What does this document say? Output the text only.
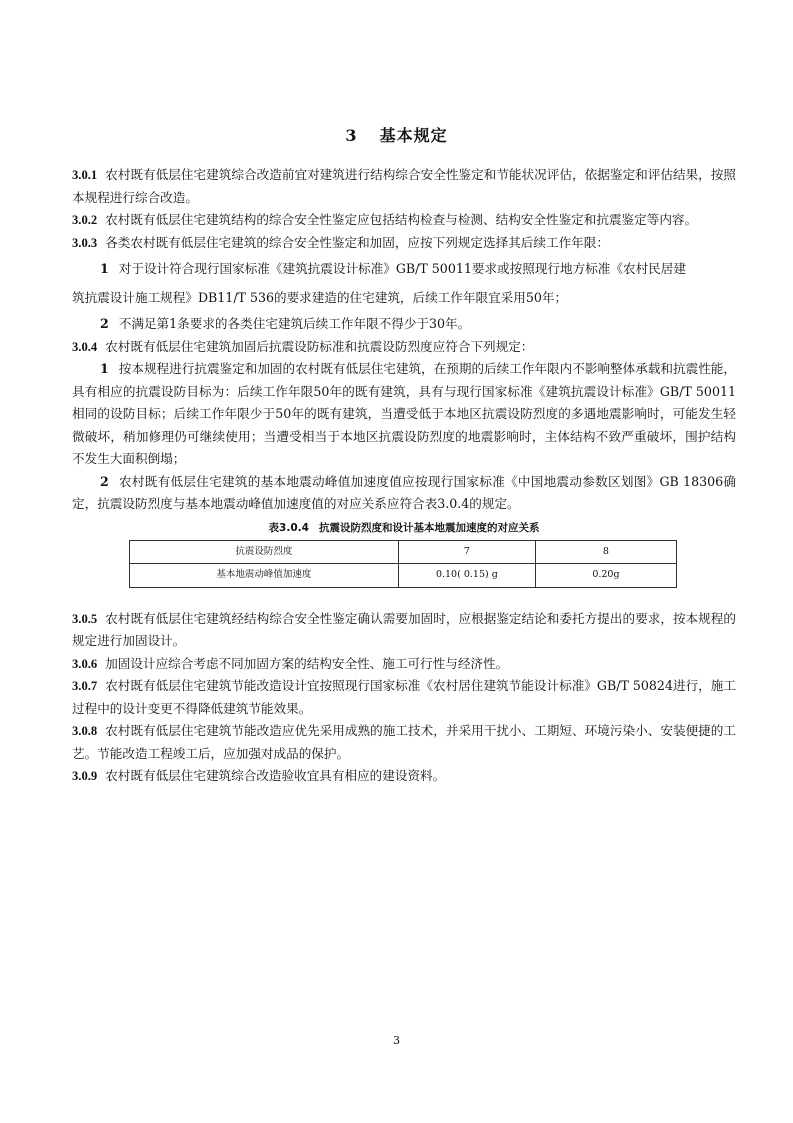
3 基本规定

3.0.1 农村既有低层住宅建筑综合改造前宜对建筑进行结构综合安全性鉴定和节能状况评估，依据鉴定和评估结果，按照本规程进行综合改造。

3.0.2 农村既有低层住宅建筑结构的综合安全性鉴定应包括结构检查与检测、结构安全性鉴定和抗震鉴定等内容。

3.0.3 各类农村既有低层住宅建筑的综合安全性鉴定和加固，应按下列规定选择其后续工作年限：

1 对于设计符合现行国家标准《建筑抗震设计标准》GB/T 50011要求或按照现行地方标准《农村民居建

筑抗震设计施工规程》DB11/T 536的要求建造的住宅建筑，后续工作年限宜采用50年；

2 不满足第1条要求的各类住宅建筑后续工作年限不得少于30年。

3.0.4 农村既有低层住宅建筑加固后抗震设防标准和抗震设防烈度应符合下列规定：

1 按本规程进行抗震鉴定和加固的农村既有低层住宅建筑，在预期的后续工作年限内不影响整体承载和抗震性能，具有相应的抗震设防目标为：后续工作年限50年的既有建筑，具有与现行国家标准《建筑抗震设计标准》GB/T 50011相同的设防目标；后续工作年限少于50年的既有建筑，当遭受低于本地区抗震设防烈度的多遇地震影响时，可能发生轻微破坏，稍加修理仍可继续使用；当遭受相当于本地区抗震设防烈度的地震影响时，主体结构不致严重破坏，围护结构不发生大面积倒塌；

2 农村既有低层住宅建筑的基本地震动峰值加速度值应按现行国家标准《中国地震动参数区划图》GB 18306确定，抗震设防烈度与基本地震动峰值加速度值的对应关系应符合表3.0.4的规定。

表3.0.4 抗震设防烈度和设计基本地震加速度的对应关系
抗震设防烈度	7	8
基本地震动峰值加速度	0.10( 0.15) g	0.20g

3.0.5 农村既有低层住宅建筑经结构综合安全性鉴定确认需要加固时，应根据鉴定结论和委托方提出的要求，按本规程的规定进行加固设计。

3.0.6 加固设计应综合考虑不同加固方案的结构安全性、施工可行性与经济性。

3.0.7 农村既有低层住宅建筑节能改造设计宜按照现行国家标准《农村居住建筑节能设计标准》GB/T 50824进行，施工过程中的设计变更不得降低建筑节能效果。

3.0.8 农村既有低层住宅建筑节能改造应优先采用成熟的施工技术，并采用干扰小、工期短、环境污染小、安装便捷的工艺。节能改造工程竣工后，应加强对成品的保护。

3.0.9 农村既有低层住宅建筑综合改造验收宜具有相应的建设资料。

3
